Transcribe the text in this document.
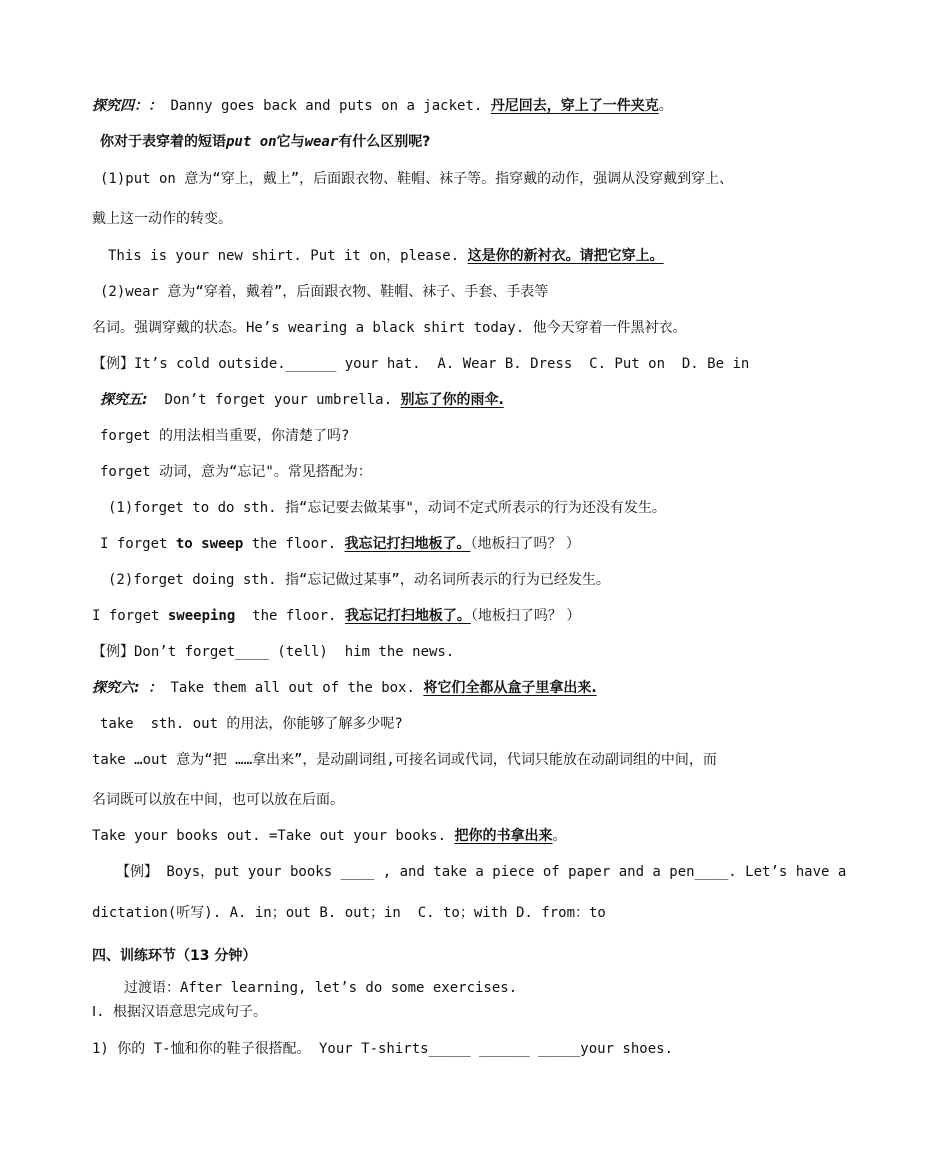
探究四：： Danny goes back and puts on a jacket. 丹尼回去，穿上了一件夹克。
你对于表穿着的短语put on它与wear有什么区别呢?
(1)put on 意为“穿上，戴上”，后面跟衣物、鞋帽、袜子等。指穿戴的动作，强调从没穿戴到穿上、
戴上这一动作的转变。
This is your new shirt. Put it on，please. 这是你的新衬衣。请把它穿上。
(2)wear 意为“穿着，戴着”，后面跟衣物、鞋帽、袜子、手套、手表等
名词。强调穿戴的状态。He’s wearing a black shirt today. 他今天穿着一件黑衬衣。
【例】It’s cold outside.______ your hat.  A. Wear B. Dress  C. Put on  D. Be in
探究五: Don’t forget your umbrella. 别忘了你的雨伞.
forget 的用法相当重要，你清楚了吗?
forget 动词，意为“忘记"。常见搭配为：
(1)forget to do sth. 指“忘记要去做某事"，动词不定式所表示的行为还没有发生。
I forget to sweep the floor. 我忘记打扫地板了。（地板扫了吗？ ）
(2)forget doing sth. 指“忘记做过某事”，动名词所表示的行为已经发生。
I forget sweeping  the floor. 我忘记打扫地板了。（地板扫了吗？ ）
【例】Don’t forget____ (tell)  him the news.
探究六: ： Take them all out of the box. 将它们全都从盒子里拿出来.
take  sth. out 的用法，你能够了解多少呢?
take …out 意为“把 ……拿出来”，是动副词组,可接名词或代词，代词只能放在动副词组的中间，而
名词既可以放在中间，也可以放在后面。
Take your books out. =Take out your books. 把你的书拿出来。
【例】 Boys，put your books ____ , and take a piece of paper and a pen____. Let’s have a
dictation(听写). A. in；out B. out；in  C. to；with D. from：to
四、训练环节（13 分钟）
过渡语：After learning, let’s do some exercises.
Ⅰ. 根据汉语意思完成句子。
1) 你的 T-恤和你的鞋子很搭配。 Your T-shirts_____ ______ _____your shoes.
